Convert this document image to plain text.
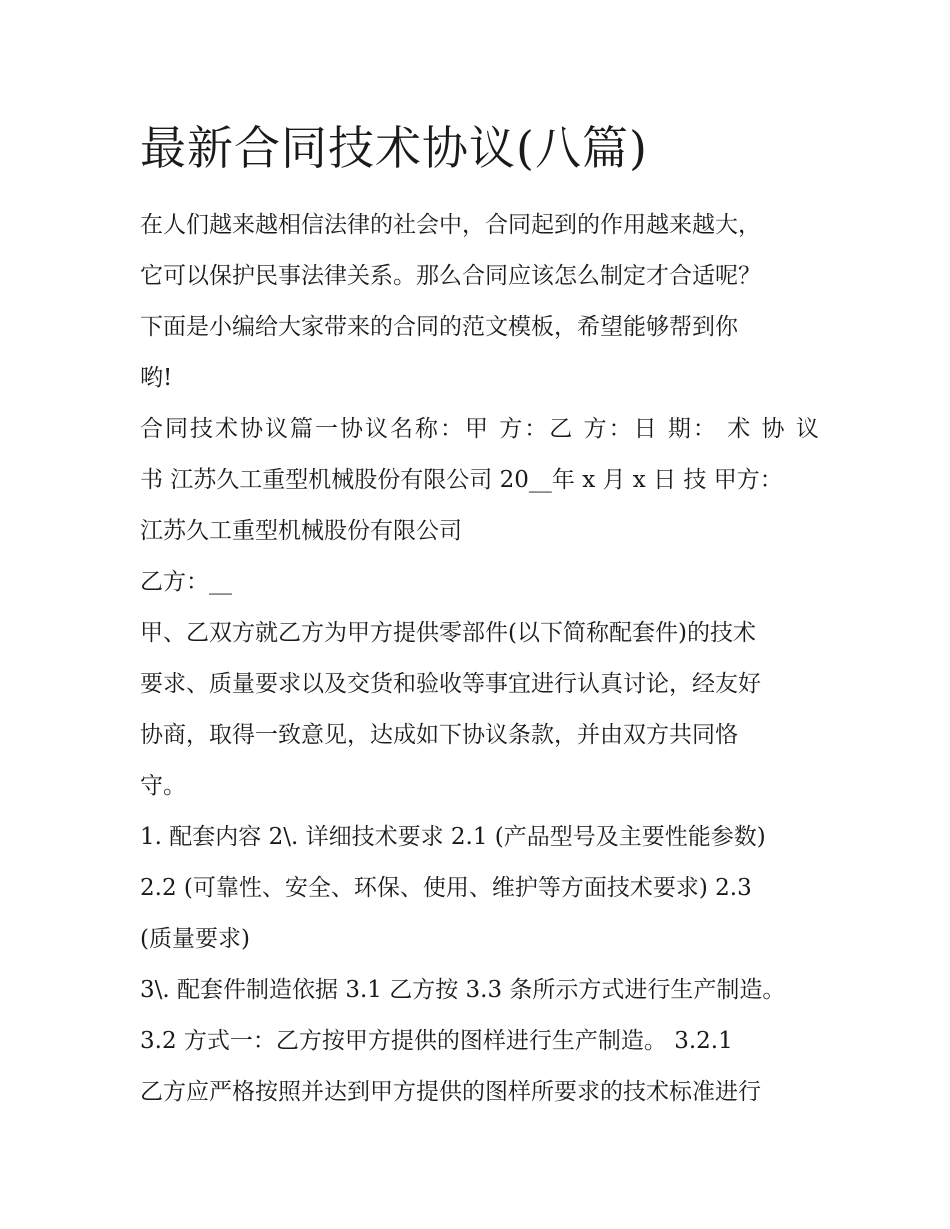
最新合同技术协议(八篇)

在人们越来越相信法律的社会中，合同起到的作用越来越大，
它可以保护民事法律关系。那么合同应该怎么制定才合适呢？
下面是小编给大家带来的合同的范文模板，希望能够帮到你
哟!

合同技术协议篇一协议名称：甲 方：乙 方：日 期： 术 协 议
书 江苏久工重型机械股份有限公司 20__年 x 月 x 日 技 甲方：
江苏久工重型机械股份有限公司

乙方：__

甲、乙双方就乙方为甲方提供零部件(以下简称配套件)的技术
要求、质量要求以及交货和验收等事宜进行认真讨论，经友好
协商，取得一致意见，达成如下协议条款，并由双方共同恪
守。

1. 配套内容 2\. 详细技术要求 2.1 (产品型号及主要性能参数)
2.2 (可靠性、安全、环保、使用、维护等方面技术要求) 2.3
(质量要求)

3\. 配套件制造依据 3.1 乙方按 3.3 条所示方式进行生产制造。
3.2 方式一：乙方按甲方提供的图样进行生产制造。 3.2.1
乙方应严格按照并达到甲方提供的图样所要求的技术标准进行
